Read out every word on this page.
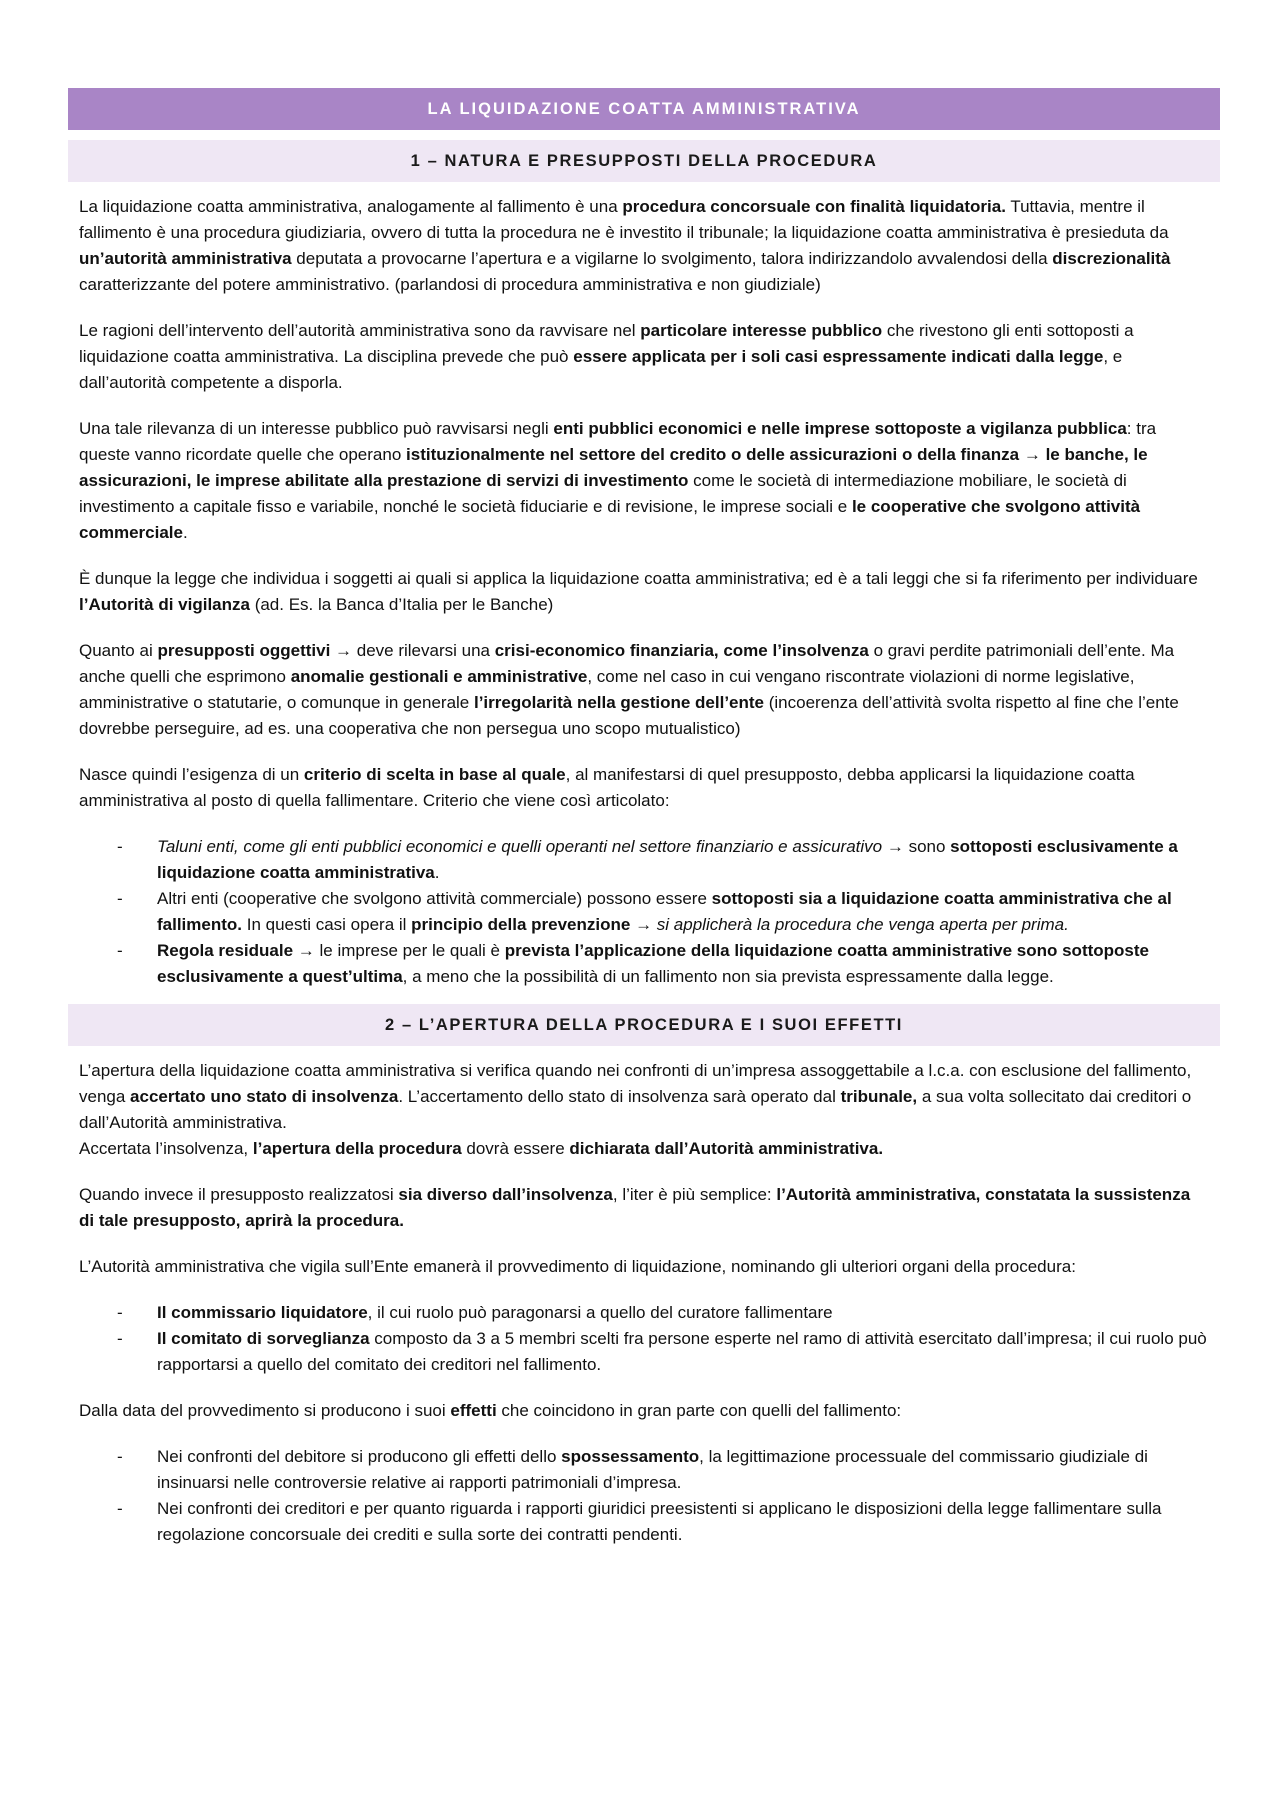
LA LIQUIDAZIONE COATTA AMMINISTRATIVA
1 – NATURA E PRESUPPOSTI DELLA PROCEDURA

La liquidazione coatta amministrativa, analogamente al fallimento è una procedura concorsuale con finalità liquidatoria. Tuttavia, mentre il fallimento è una procedura giudiziaria, ovvero di tutta la procedura ne è investito il tribunale; la liquidazione coatta amministrativa è presieduta da un’autorità amministrativa deputata a provocarne l’apertura e a vigilarne lo svolgimento, talora indirizzandolo avvalendosi della discrezionalità caratterizzante del potere amministrativo. (parlandosi di procedura amministrativa e non giudiziale)

Le ragioni dell’intervento dell’autorità amministrativa sono da ravvisare nel particolare interesse pubblico che rivestono gli enti sottoposti a liquidazione coatta amministrativa. La disciplina prevede che può essere applicata per i soli casi espressamente indicati dalla legge, e dall’autorità competente a disporla.

Una tale rilevanza di un interesse pubblico può ravvisarsi negli enti pubblici economici e nelle imprese sottoposte a vigilanza pubblica: tra queste vanno ricordate quelle che operano istituzionalmente nel settore del credito o delle assicurazioni o della finanza → le banche, le assicurazioni, le imprese abilitate alla prestazione di servizi di investimento come le società di intermediazione mobiliare, le società di investimento a capitale fisso e variabile, nonché le società fiduciarie e di revisione, le imprese sociali e le cooperative che svolgono attività commerciale.

È dunque la legge che individua i soggetti ai quali si applica la liquidazione coatta amministrativa; ed è a tali leggi che si fa riferimento per individuare l’Autorità di vigilanza (ad. Es. la Banca d’Italia per le Banche)

Quanto ai presupposti oggettivi → deve rilevarsi una crisi-economico finanziaria, come l’insolvenza o gravi perdite patrimoniali dell’ente. Ma anche quelli che esprimono anomalie gestionali e amministrative, come nel caso in cui vengano riscontrate violazioni di norme legislative, amministrative o statutarie, o comunque in generale l’irregolarità nella gestione dell’ente (incoerenza dell’attività svolta rispetto al fine che l’ente dovrebbe perseguire, ad es. una cooperativa che non persegua uno scopo mutualistico)

Nasce quindi l’esigenza di un criterio di scelta in base al quale, al manifestarsi di quel presupposto, debba applicarsi la liquidazione coatta amministrativa al posto di quella fallimentare. Criterio che viene così articolato:

- Taluni enti, come gli enti pubblici economici e quelli operanti nel settore finanziario e assicurativo → sono sottoposti esclusivamente a liquidazione coatta amministrativa.
- Altri enti (cooperative che svolgono attività commerciale) possono essere sottoposti sia a liquidazione coatta amministrativa che al fallimento. In questi casi opera il principio della prevenzione → si applicherà la procedura che venga aperta per prima.
- Regola residuale → le imprese per le quali è prevista l’applicazione della liquidazione coatta amministrative sono sottoposte esclusivamente a quest’ultima, a meno che la possibilità di un fallimento non sia prevista espressamente dalla legge.
2 – L’APERTURA DELLA PROCEDURA E I SUOI EFFETTI

L’apertura della liquidazione coatta amministrativa si verifica quando nei confronti di un’impresa assoggettabile a l.c.a. con esclusione del fallimento, venga accertato uno stato di insolvenza. L’accertamento dello stato di insolvenza sarà operato dal tribunale, a sua volta sollecitato dai creditori o dall’Autorità amministrativa.

Accertata l’insolvenza, l’apertura della procedura dovrà essere dichiarata dall’Autorità amministrativa.

Quando invece il presupposto realizzatosi sia diverso dall’insolvenza, l’iter è più semplice: l’Autorità amministrativa, constatata la sussistenza di tale presupposto, aprirà la procedura.

L’Autorità amministrativa che vigila sull’Ente emanerà il provvedimento di liquidazione, nominando gli ulteriori organi della procedura:

- Il commissario liquidatore, il cui ruolo può paragonarsi a quello del curatore fallimentare
- Il comitato di sorveglianza composto da 3 a 5 membri scelti fra persone esperte nel ramo di attività esercitato dall’impresa; il cui ruolo può rapportarsi a quello del comitato dei creditori nel fallimento.

Dalla data del provvedimento si producono i suoi effetti che coincidono in gran parte con quelli del fallimento:

- Nei confronti del debitore si producono gli effetti dello spossessamento, la legittimazione processuale del commissario giudiziale di insinuarsi nelle controversie relative ai rapporti patrimoniali d’impresa.
- Nei confronti dei creditori e per quanto riguarda i rapporti giuridici preesistenti si applicano le disposizioni della legge fallimentare sulla regolazione concorsuale dei crediti e sulla sorte dei contratti pendenti.
